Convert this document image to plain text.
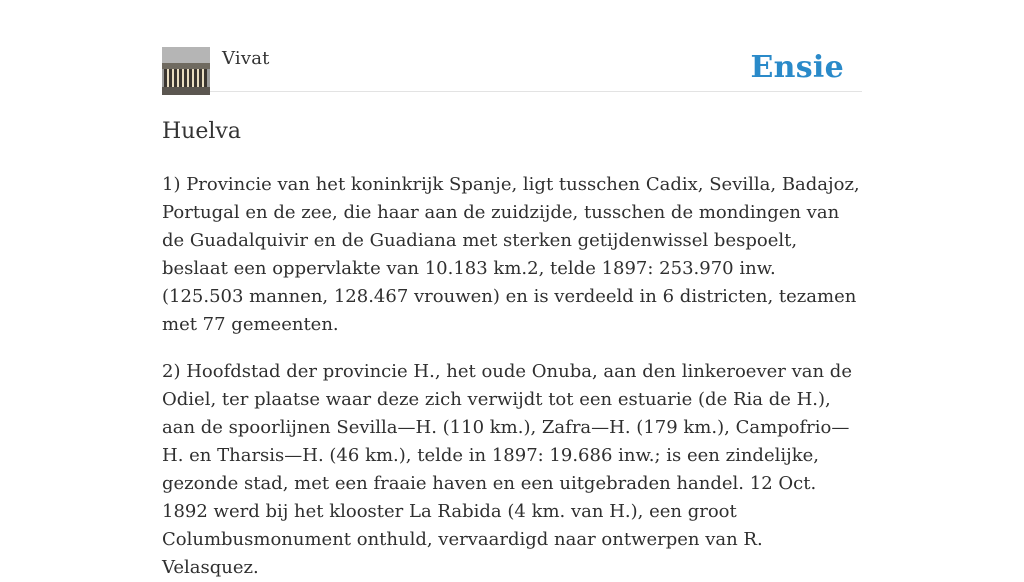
Vivat	Ensie
Huelva

1) Provincie van het koninkrijk Spanje, ligt tusschen Cadix, Sevilla, Badajoz, Portugal en de zee, die haar aan de zuidzijde, tusschen de mondingen van de Guadalquivir en de Guadiana met sterken getijdenwissel bespoelt, beslaat een oppervlakte van 10.183 km.2, telde 1897: 253.970 inw. (125.503 mannen, 128.467 vrouwen) en is verdeeld in 6 districten, tezamen met 77 gemeenten.

2) Hoofdstad der provincie H., het oude Onuba, aan den linkeroever van de Odiel, ter plaatse waar deze zich verwijdt tot een estuarie (de Ria de H.), aan de spoorlijnen Sevilla—H. (110 km.), Zafra—H. (179 km.), Campofrio—H. en Tharsis—H. (46 km.), telde in 1897: 19.686 inw.; is een zindelijke, gezonde stad, met een fraaie haven en een uitgebraden handel. 12 Oct. 1892 werd bij het klooster La Rabida (4 km. van H.), een groot Columbusmonument onthuld, vervaardigd naar ontwerpen van R. Velasquez.
